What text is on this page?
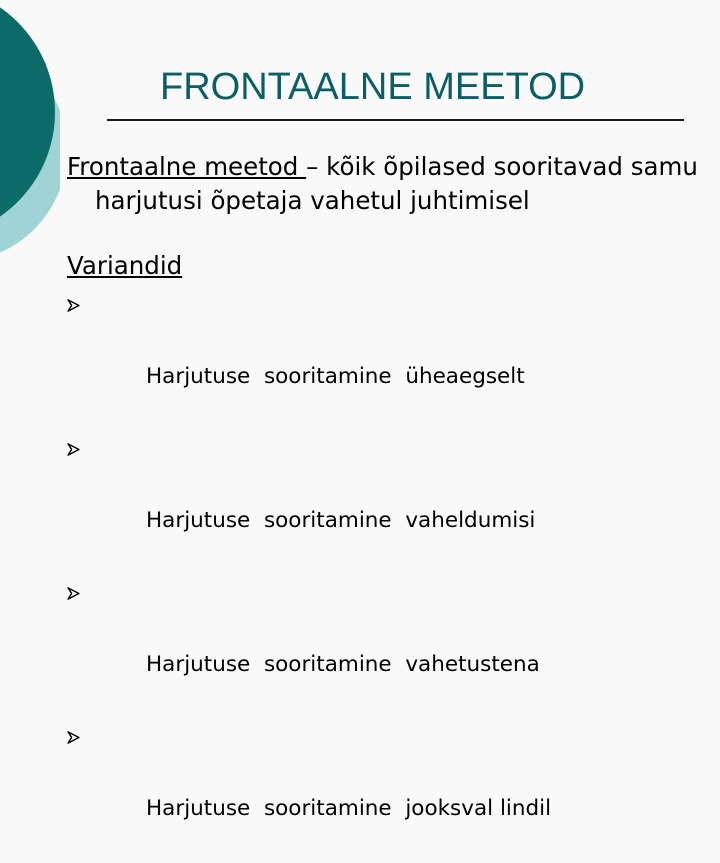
FRONTAALNE MEETOD

Frontaalne meetod – kõik õpilased sooritavad samu harjutusi õpetaja vahetul juhtimisel

Variandid

Harjutuse  sooritamine  üheaegselt

Harjutuse  sooritamine  vaheldumisi

Harjutuse  sooritamine  vahetustena

Harjutuse  sooritamine  jooksval lindil
